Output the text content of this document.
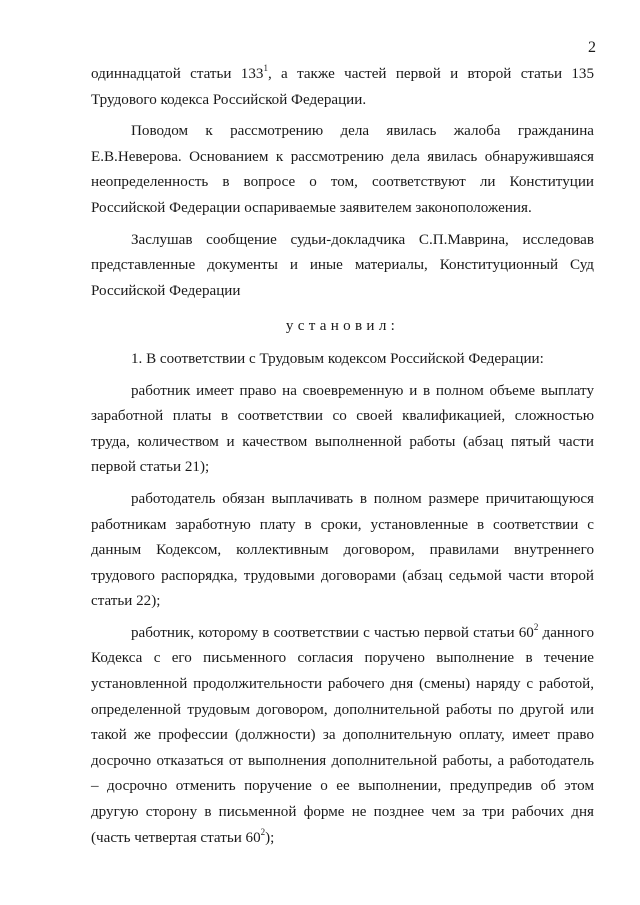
2

одиннадцатой статьи $133^1$, а также частей первой и второй статьи 135 Трудового кодекса Российской Федерации.

Поводом к рассмотрению дела явилась жалоба гражданина Е.В.Неверова. Основанием к рассмотрению дела явилась обнаружившаяся неопределенность в вопросе о том, соответствуют ли Конституции Российской Федерации оспариваемые заявителем законоположения.

Заслушав сообщение судьи-докладчика С.П.Маврина, исследовав представленные документы и иные материалы, Конституционный Суд Российской Федерации

установил:

1. В соответствии с Трудовым кодексом Российской Федерации:

работник имеет право на своевременную и в полном объеме выплату заработной платы в соответствии со своей квалификацией, сложностью труда, количеством и качеством выполненной работы (абзац пятый части первой статьи 21);

работодатель обязан выплачивать в полном размере причитающуюся работникам заработную плату в сроки, установленные в соответствии с данным Кодексом, коллективным договором, правилами внутреннего трудового распорядка, трудовыми договорами (абзац седьмой части второй статьи 22);

работник, которому в соответствии с частью первой статьи $60^2$ данного Кодекса с его письменного согласия поручено выполнение в течение установленной продолжительности рабочего дня (смены) наряду с работой, определенной трудовым договором, дополнительной работы по другой или такой же профессии (должности) за дополнительную оплату, имеет право досрочно отказаться от выполнения дополнительной работы, а работодатель – досрочно отменить поручение о ее выполнении, предупредив об этом другую сторону в письменной форме не позднее чем за три рабочих дня (часть четвертая статьи $60^2$);
